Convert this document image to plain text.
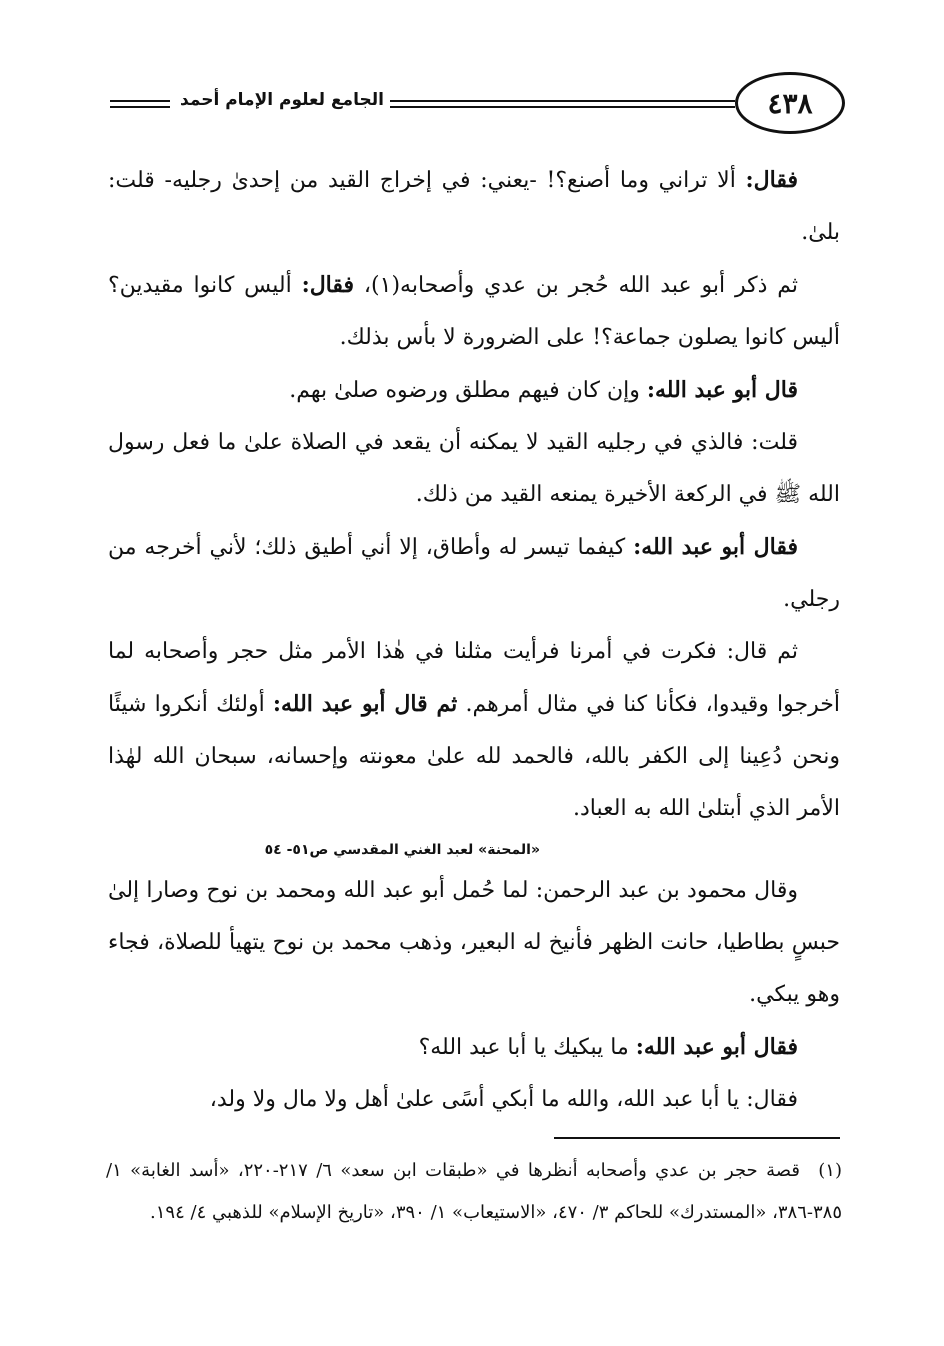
٤٣٨
الجامع لعلوم الإمام أحمد

فقال: ألا تراني وما أصنع؟! -يعني: في إخراج القيد من إحدىٰ رجليه- قلت: بلىٰ.

ثم ذكر أبو عبد الله حُجر بن عدي وأصحابه(١)، فقال: أليس كانوا مقيدين؟ أليس كانوا يصلون جماعة؟! على الضرورة لا بأس بذلك.

قال أبو عبد الله: وإن كان فيهم مطلق ورضوه صلىٰ بهم.

قلت: فالذي في رجليه القيد لا يمكنه أن يقعد في الصلاة علىٰ ما فعل رسول الله ﷺ في الركعة الأخيرة يمنعه القيد من ذلك.

فقال أبو عبد الله: كيفما تيسر له وأطاق، إلا أني أطيق ذلك؛ لأني أخرجه من رجلي.

ثم قال: فكرت في أمرنا فرأيت مثلنا في هٰذا الأمر مثل حجر وأصحابه لما أخرجوا وقيدوا، فكأنا كنا في مثال أمرهم. ثم قال أبو عبد الله: أولئك أنكروا شيئًا ونحن دُعِينا إلى الكفر بالله، فالحمد لله علىٰ معونته وإحسانه، سبحان الله لهٰذا الأمر الذي أبتلىٰ الله به العباد.

«المحنة» لعبد الغني المقدسي ص٥١- ٥٤

وقال محمود بن عبد الرحمن: لما حُمل أبو عبد الله ومحمد بن نوح وصارا إلىٰ حبسٍ بطاطيا، حانت الظهر فأنيخ له البعير، وذهب محمد بن نوح يتهيأ للصلاة، فجاء وهو يبكي.

فقال أبو عبد الله: ما يبكيك يا أبا عبد الله؟

فقال: يا أبا عبد الله، والله ما أبكي أسًى علىٰ أهل ولا مال ولا ولد،

(١)قصة حجر بن عدي وأصحابه أنظرها في «طبقات ابن سعد» ٦/ ٢١٧-٢٢٠، «أسد الغابة» ١/ ٣٨٥-٣٨٦، «المستدرك» للحاكم ٣/ ٤٧٠، «الاستيعاب» ١/ ٣٩٠، «تاريخ الإسلام» للذهبي ٤/ ١٩٤.
